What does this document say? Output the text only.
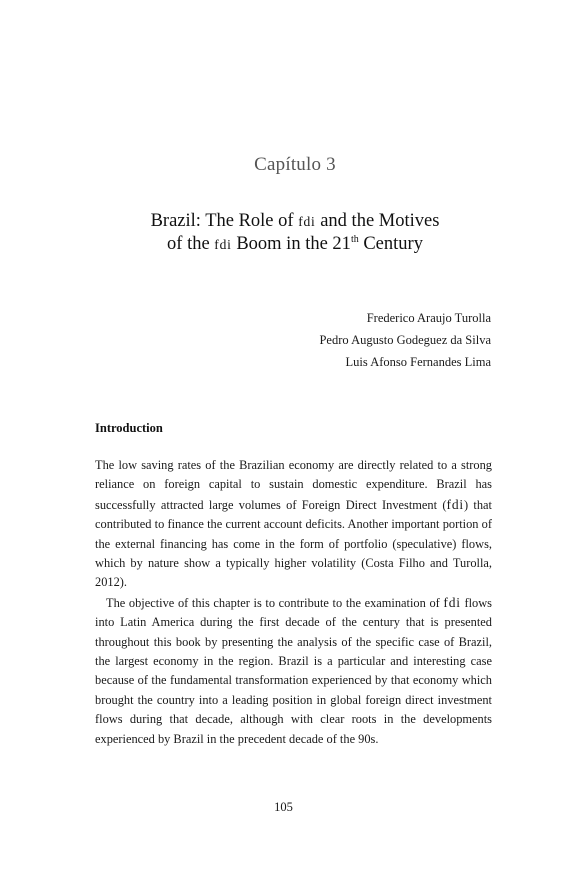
Capítulo 3
Brazil: The Role of fdi and the Motives
of the fdi Boom in the 21th Century
Frederico Araujo Turolla
Pedro Augusto Godeguez da Silva
Luis Afonso Fernandes Lima
Introduction

The low saving rates of the Brazilian economy are directly related to a strong reliance on foreign capital to sustain domestic expenditure. Brazil has successfully attracted large volumes of Foreign Direct Investment (fdi) that contributed to finance the current account deficits. Another important portion of the external financing has come in the form of portfolio (speculative) flows, which by nature show a typically higher volatility (Costa Filho and Turolla, 2012).

The objective of this chapter is to contribute to the examination of fdi flows into Latin America during the first decade of the century that is presented throughout this book by presenting the analysis of the specific case of Brazil, the largest economy in the region. Brazil is a particular and interesting case because of the fundamental transformation experienced by that economy which brought the country into a leading position in global foreign direct investment flows during that decade, although with clear roots in the developments experienced by Brazil in the precedent decade of the 90s.

105
